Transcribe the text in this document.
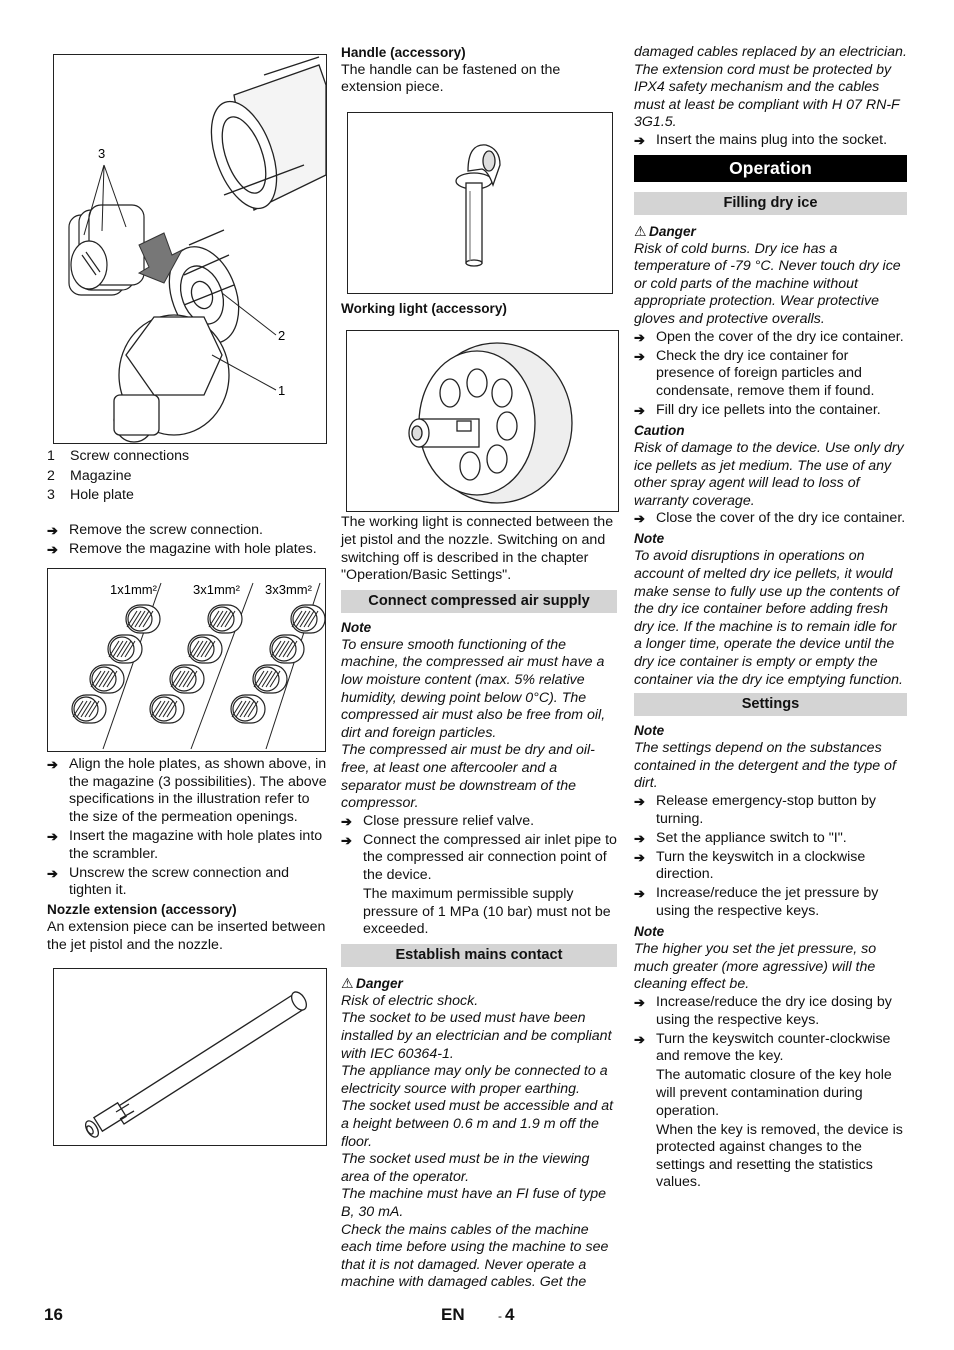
3
2
1
1	Screw connections
2	Magazine
3	Hole plate
➔ Remove the screw connection.
➔ Remove the magazine with hole plates.
1x1mm²	3x1mm² 3x3mm²
➔ Align the hole plates, as shown above, in the magazine (3 possibilities). The above specifications in the illustration refer to the size of the permeation openings.
➔ Insert the magazine with hole plates into the scrambler.
➔ Unscrew the screw connection and tighten it.
Nozzle extension (accessory)
An extension piece can be inserted between the jet pistol and the nozzle.
Handle (accessory)
The handle can be fastened on the extension piece.
Working light (accessory)
The working light is connected between the jet pistol and the nozzle. Switching on and switching off is described in the chapter "Operation/Basic Settings".
Connect compressed air supply
Note
To ensure smooth functioning of the machine, the compressed air must have a low moisture content (max. 5% relative humidity, dewing point below 0°C). The compressed air must also be free from oil, dirt and foreign particles.
The compressed air must be dry and oil-free, at least one aftercooler and a separator must be downstream of the compressor.
➔ Close pressure relief valve.
➔ Connect the compressed air inlet pipe to the compressed air connection point of the device.
The maximum permissible supply pressure of 1 MPa (10 bar) must not be exceeded.
Establish mains contact
⚠ Danger
Risk of electric shock.
The socket to be used must have been installed by an electrician and be compliant with IEC 60364-1.
The appliance may only be connected to a electricity source with proper earthing.
The socket used must be accessible and at a height between 0.6 m and 1.9 m off the floor.
The socket used must be in the viewing area of the operator.
The machine must have an FI fuse of type B, 30 mA.
Check the mains cables of the machine each time before using the machine to see that it is not damaged. Never operate a machine with damaged cables. Get the
damaged cables replaced by an electrician.
The extension cord must be protected by IPX4 safety mechanism and the cables must at least be compliant with H 07 RN-F 3G1.5.
➔ Insert the mains plug into the socket.
Operation
Filling dry ice
⚠ Danger
Risk of cold burns. Dry ice has a temperature of -79 °C. Never touch dry ice or cold parts of the machine without appropriate protection. Wear protective gloves and protective overalls.
➔ Open the cover of the dry ice container.
➔ Check the dry ice container for presence of foreign particles and condensate, remove them if found.
➔ Fill dry ice pellets into the container.
Caution
Risk of damage to the device. Use only dry ice pellets as jet medium. The use of any other spray agent will lead to loss of warranty coverage.
➔ Close the cover of the dry ice container.
Note
To avoid disruptions in operations on account of melted dry ice pellets, it would make sense to fully use up the contents of the dry ice container before adding fresh dry ice. If the machine is to remain idle for a longer time, operate the device until the dry ice container is empty or empty the container via the dry ice emptying function.
Settings
Note
The settings depend on the substances contained in the detergent and the type of dirt.
➔ Release emergency-stop button by turning.
➔ Set the appliance switch to "I".
➔ Turn the keyswitch in a clockwise direction.
➔ Increase/reduce the jet pressure by using the respective keys.
Note
The higher you set the jet pressure, so much greater (more agressive) will the cleaning effect be.
➔ Increase/reduce the dry ice dosing by using the respective keys.
➔ Turn the keyswitch counter-clockwise and remove the key.
The automatic closure of the key hole will prevent contamination during operation.
When the key is removed, the device is protected against changes to the settings and resetting the statistics values.
16	EN	- 4
